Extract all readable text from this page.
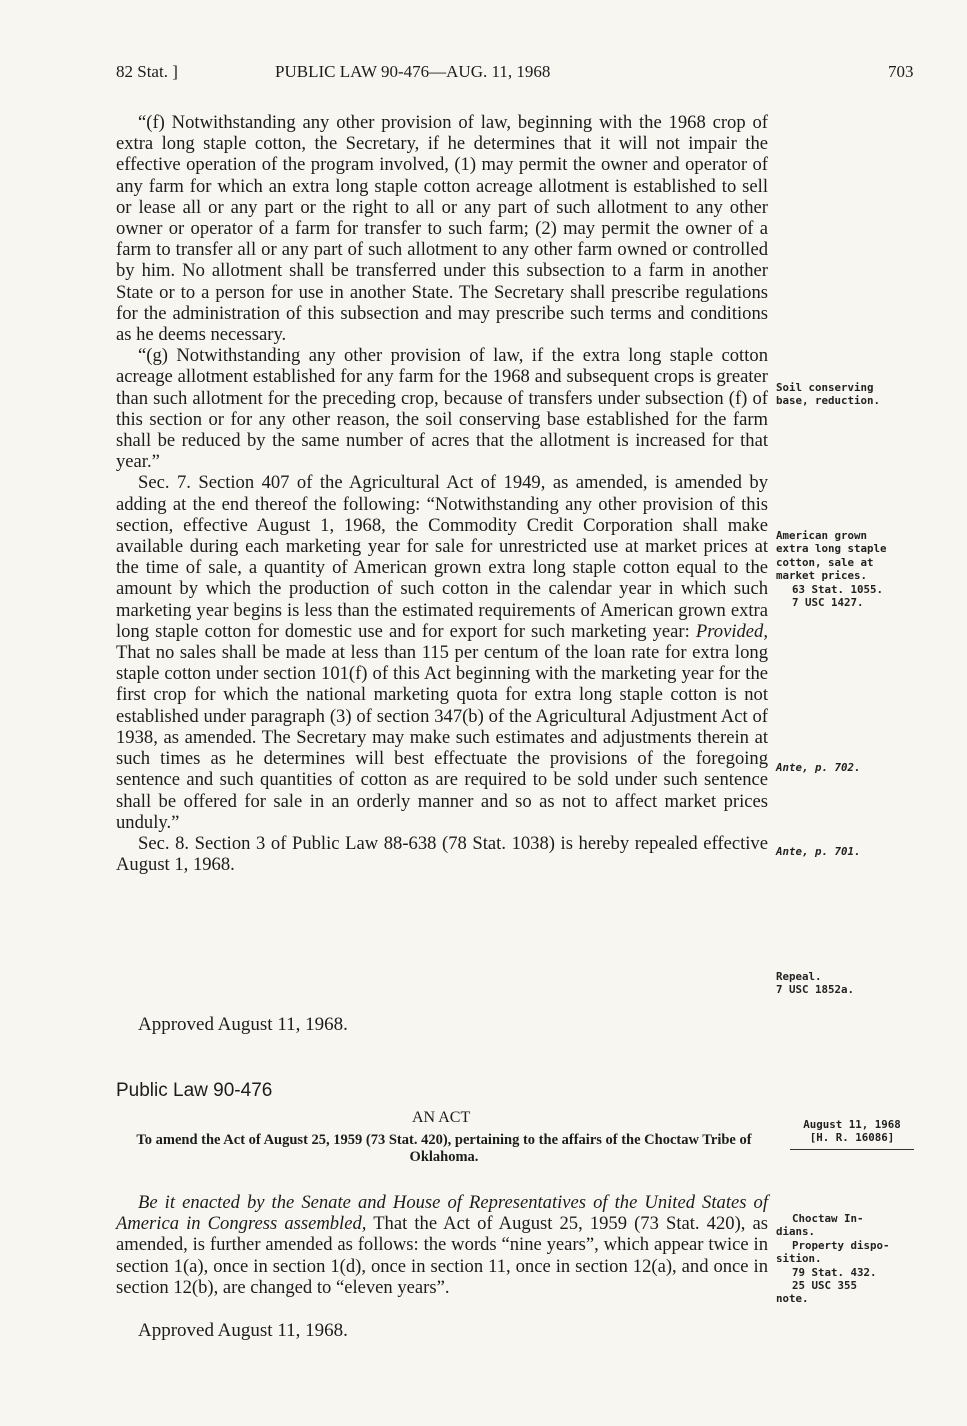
82 Stat. ]	PUBLIC LAW 90-476—AUG. 11, 1968	703

“(f) Notwithstanding any other provision of law, beginning with the 1968 crop of extra long staple cotton, the Secretary, if he determines that it will not impair the effective operation of the program involved, (1) may permit the owner and operator of any farm for which an extra long staple cotton acreage allotment is established to sell or lease all or any part or the right to all or any part of such allotment to any other owner or operator of a farm for transfer to such farm; (2) may permit the owner of a farm to transfer all or any part of such allotment to any other farm owned or controlled by him. No allotment shall be transferred under this subsection to a farm in another State or to a person for use in another State. The Secretary shall prescribe regulations for the administration of this subsection and may prescribe such terms and conditions as he deems necessary.

“(g) Notwithstanding any other provision of law, if the extra long staple cotton acreage allotment established for any farm for the 1968 and subsequent crops is greater than such allotment for the preceding crop, because of transfers under subsection (f) of this section or for any other reason, the soil conserving base established for the farm shall be reduced by the same number of acres that the allotment is increased for that year.”

Sec. 7. Section 407 of the Agricultural Act of 1949, as amended, is amended by adding at the end thereof the following: “Notwithstanding any other provision of this section, effective August 1, 1968, the Commodity Credit Corporation shall make available during each marketing year for sale for unrestricted use at market prices at the time of sale, a quantity of American grown extra long staple cotton equal to the amount by which the production of such cotton in the calendar year in which such marketing year begins is less than the estimated requirements of American grown extra long staple cotton for domestic use and for export for such marketing year: Provided, That no sales shall be made at less than 115 per centum of the loan rate for extra long staple cotton under section 101(f) of this Act beginning with the marketing year for the first crop for which the national marketing quota for extra long staple cotton is not established under paragraph (3) of section 347(b) of the Agricultural Adjustment Act of 1938, as amended. The Secretary may make such estimates and adjustments therein at such times as he determines will best effectuate the provisions of the foregoing sentence and such quantities of cotton as are required to be sold under such sentence shall be offered for sale in an orderly manner and so as not to affect market prices unduly.”

Sec. 8. Section 3 of Public Law 88-638 (78 Stat. 1038) is hereby repealed effective August 1, 1968.

Approved August 11, 1968.
Public Law 90-476
AN ACT
To amend the Act of August 25, 1959 (73 Stat. 420), pertaining to the affairs of the Choctaw Tribe of Oklahoma.

Be it enacted by the Senate and House of Representatives of the United States of America in Congress assembled, That the Act of August 25, 1959 (73 Stat. 420), as amended, is further amended as follows: the words “nine years”, which appear twice in section 1(a), once in section 1(d), once in section 11, once in section 12(a), and once in section 12(b), are changed to “eleven years”.

Approved August 11, 1968.
Soil conserving
base, reduction.
American grown
extra long staple
cotton, sale at
market prices.
63 Stat. 1055.
7 USC 1427.
Ante, p. 702.
Ante, p. 701.
Repeal.
7 USC 1852a.
August 11, 1968
[H. R. 16086]
Choctaw In-
dians.
Property dispo-
sition.
79 Stat. 432.
25 USC 355
note.
